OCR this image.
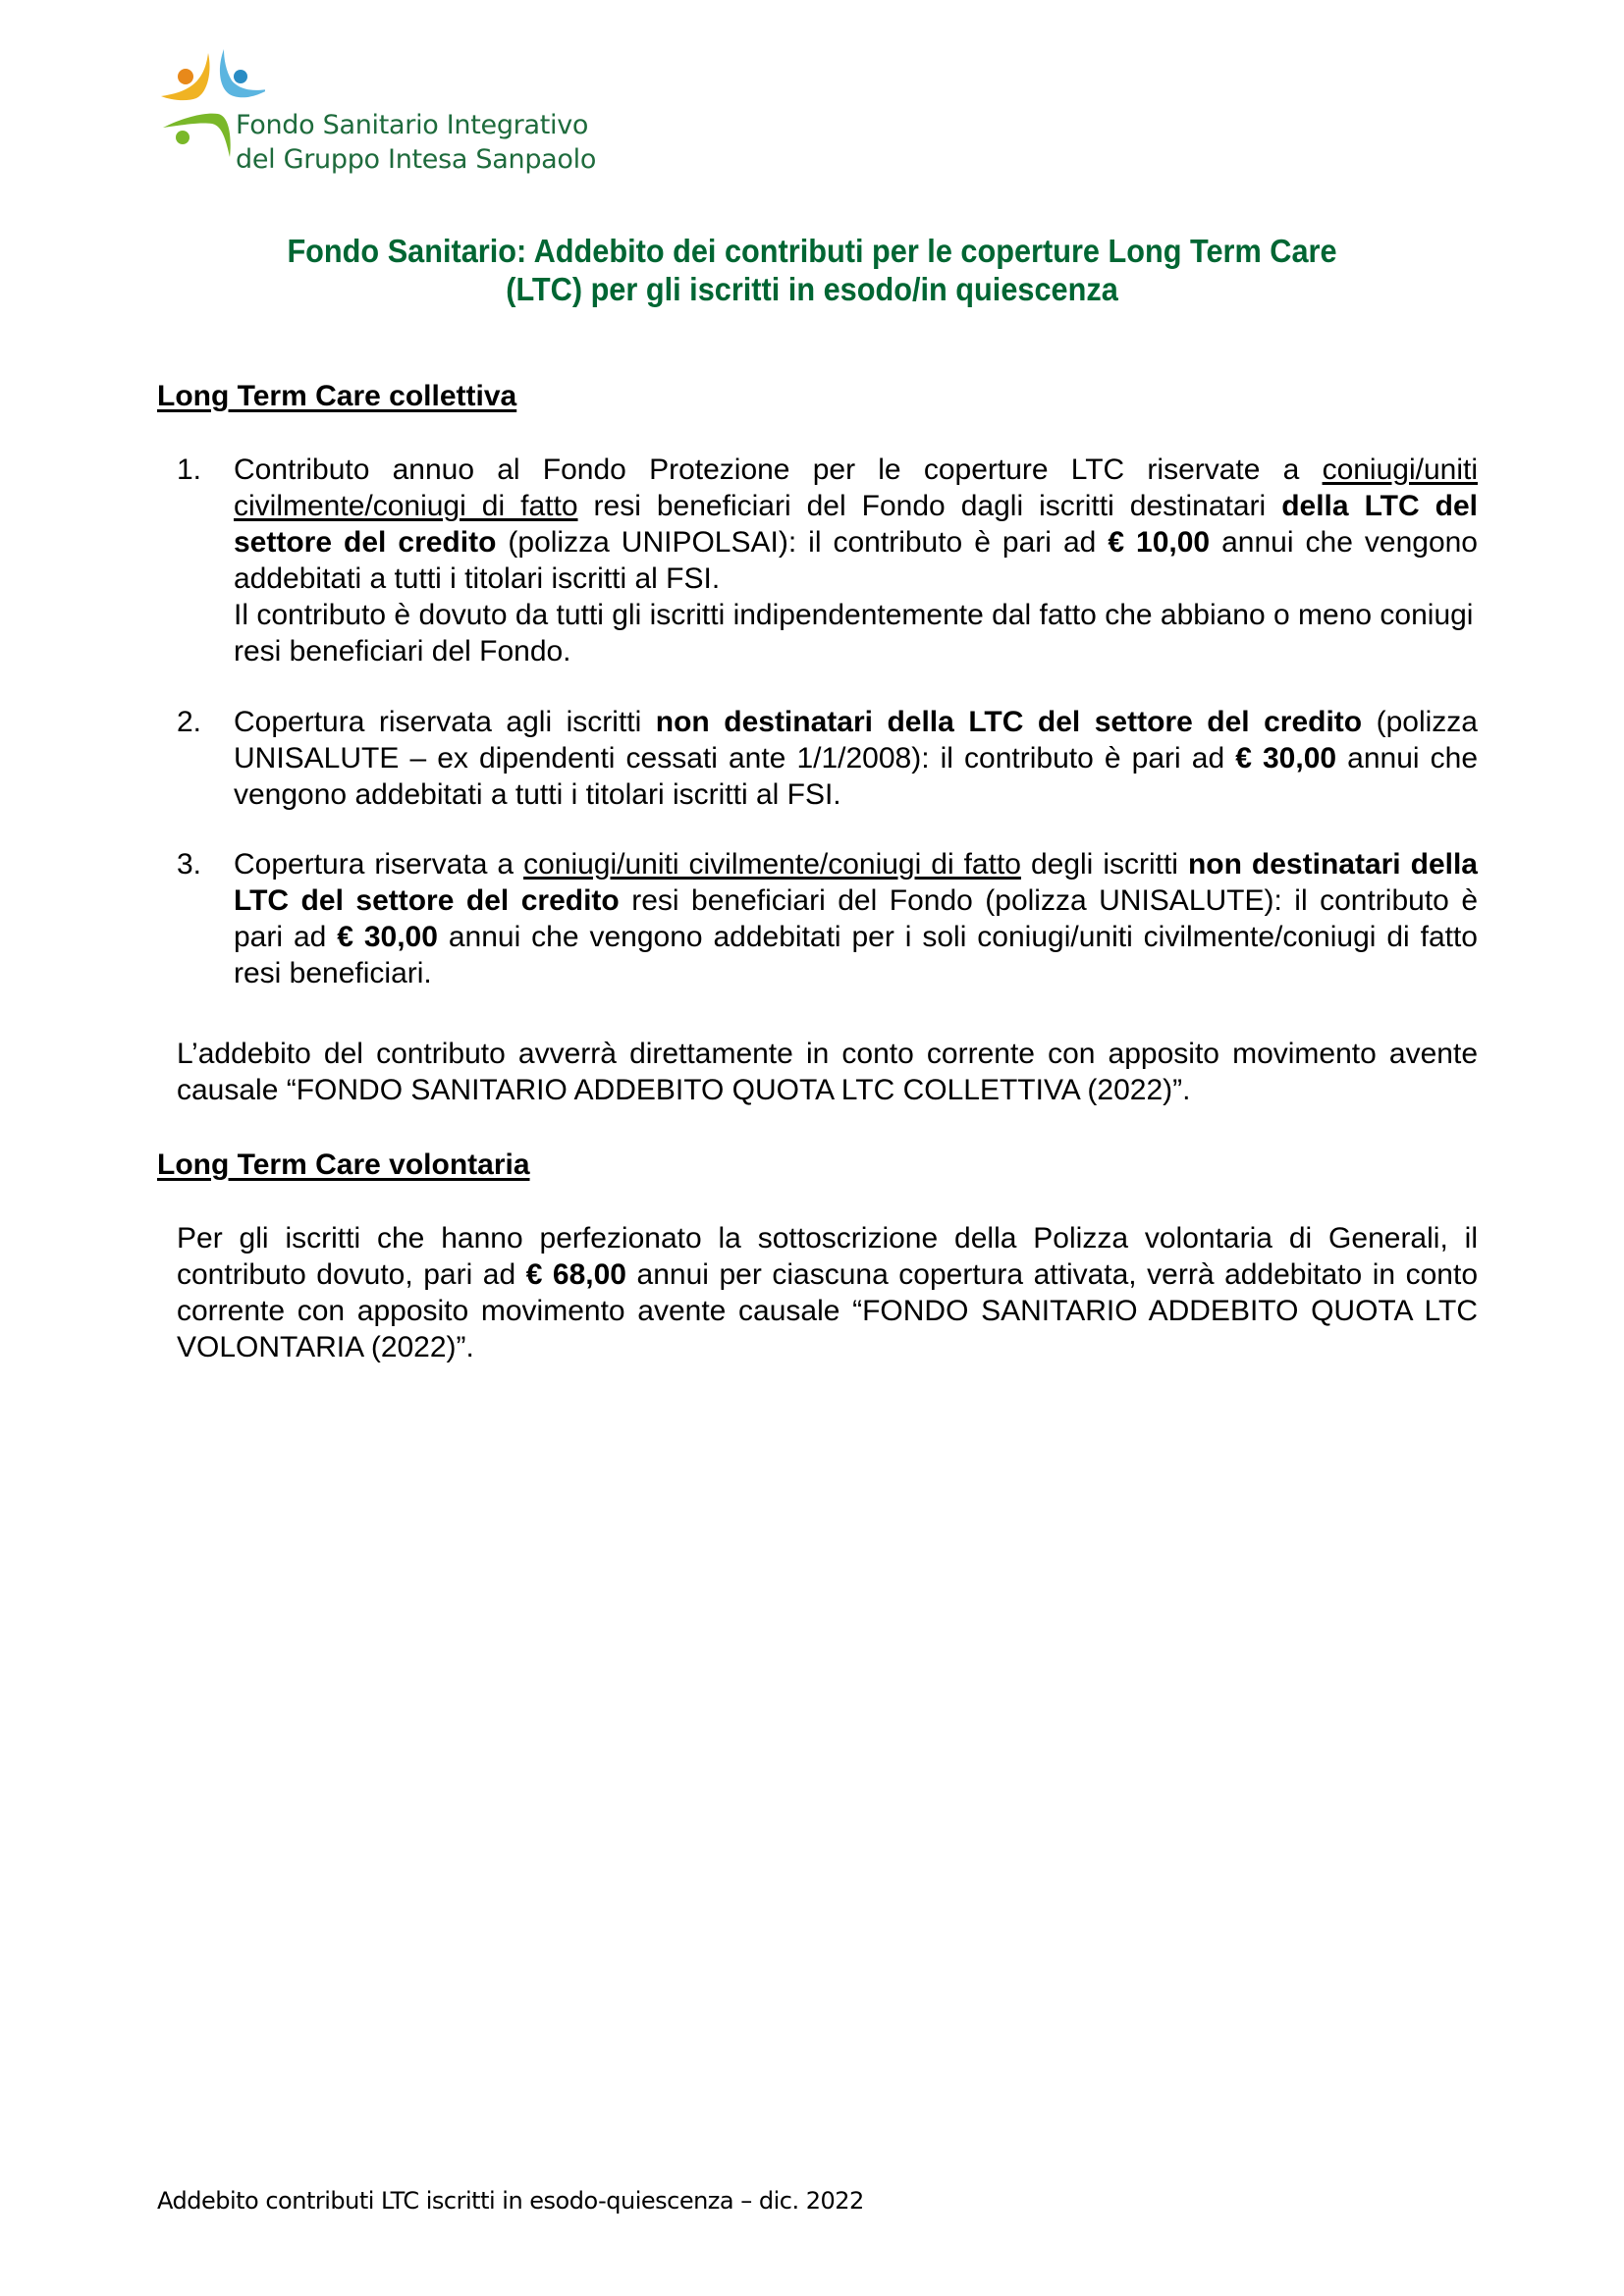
Fondo Sanitario Integrativo
del Gruppo Intesa Sanpaolo
Fondo Sanitario: Addebito dei contributi per le coperture Long Term Care
(LTC) per gli iscritti in esodo/in quiescenza
Long Term Care collettiva
1. Contributo annuo al Fondo Protezione per le coperture LTC riservate a coniugi/uniti civilmente/coniugi di fatto resi beneficiari del Fondo dagli iscritti destinatari della LTC del settore del credito (polizza UNIPOLSAI): il contributo è pari ad € 10,00 annui che vengono addebitati a tutti i titolari iscritti al FSI.
Il contributo è dovuto da tutti gli iscritti indipendentemente dal fatto che abbiano o meno coniugi resi beneficiari del Fondo.
2. Copertura riservata agli iscritti non destinatari della LTC del settore del credito (polizza UNISALUTE – ex dipendenti cessati ante 1/1/2008): il contributo è pari ad € 30,00 annui che vengono addebitati a tutti i titolari iscritti al FSI.
3. Copertura riservata a coniugi/uniti civilmente/coniugi di fatto degli iscritti non destinatari della LTC del settore del credito resi beneficiari del Fondo (polizza UNISALUTE): il contributo è pari ad € 30,00 annui che vengono addebitati per i soli coniugi/uniti civilmente/coniugi di fatto resi beneficiari.
L’addebito del contributo avverrà direttamente in conto corrente con apposito movimento avente causale “FONDO SANITARIO ADDEBITO QUOTA LTC COLLETTIVA (2022)”.
Long Term Care volontaria
Per gli iscritti che hanno perfezionato la sottoscrizione della Polizza volontaria di Generali, il contributo dovuto, pari ad € 68,00 annui per ciascuna copertura attivata, verrà addebitato in conto corrente con apposito movimento avente causale “FONDO SANITARIO ADDEBITO QUOTA LTC VOLONTARIA (2022)”.
Addebito contributi LTC iscritti in esodo-quiescenza – dic. 2022
